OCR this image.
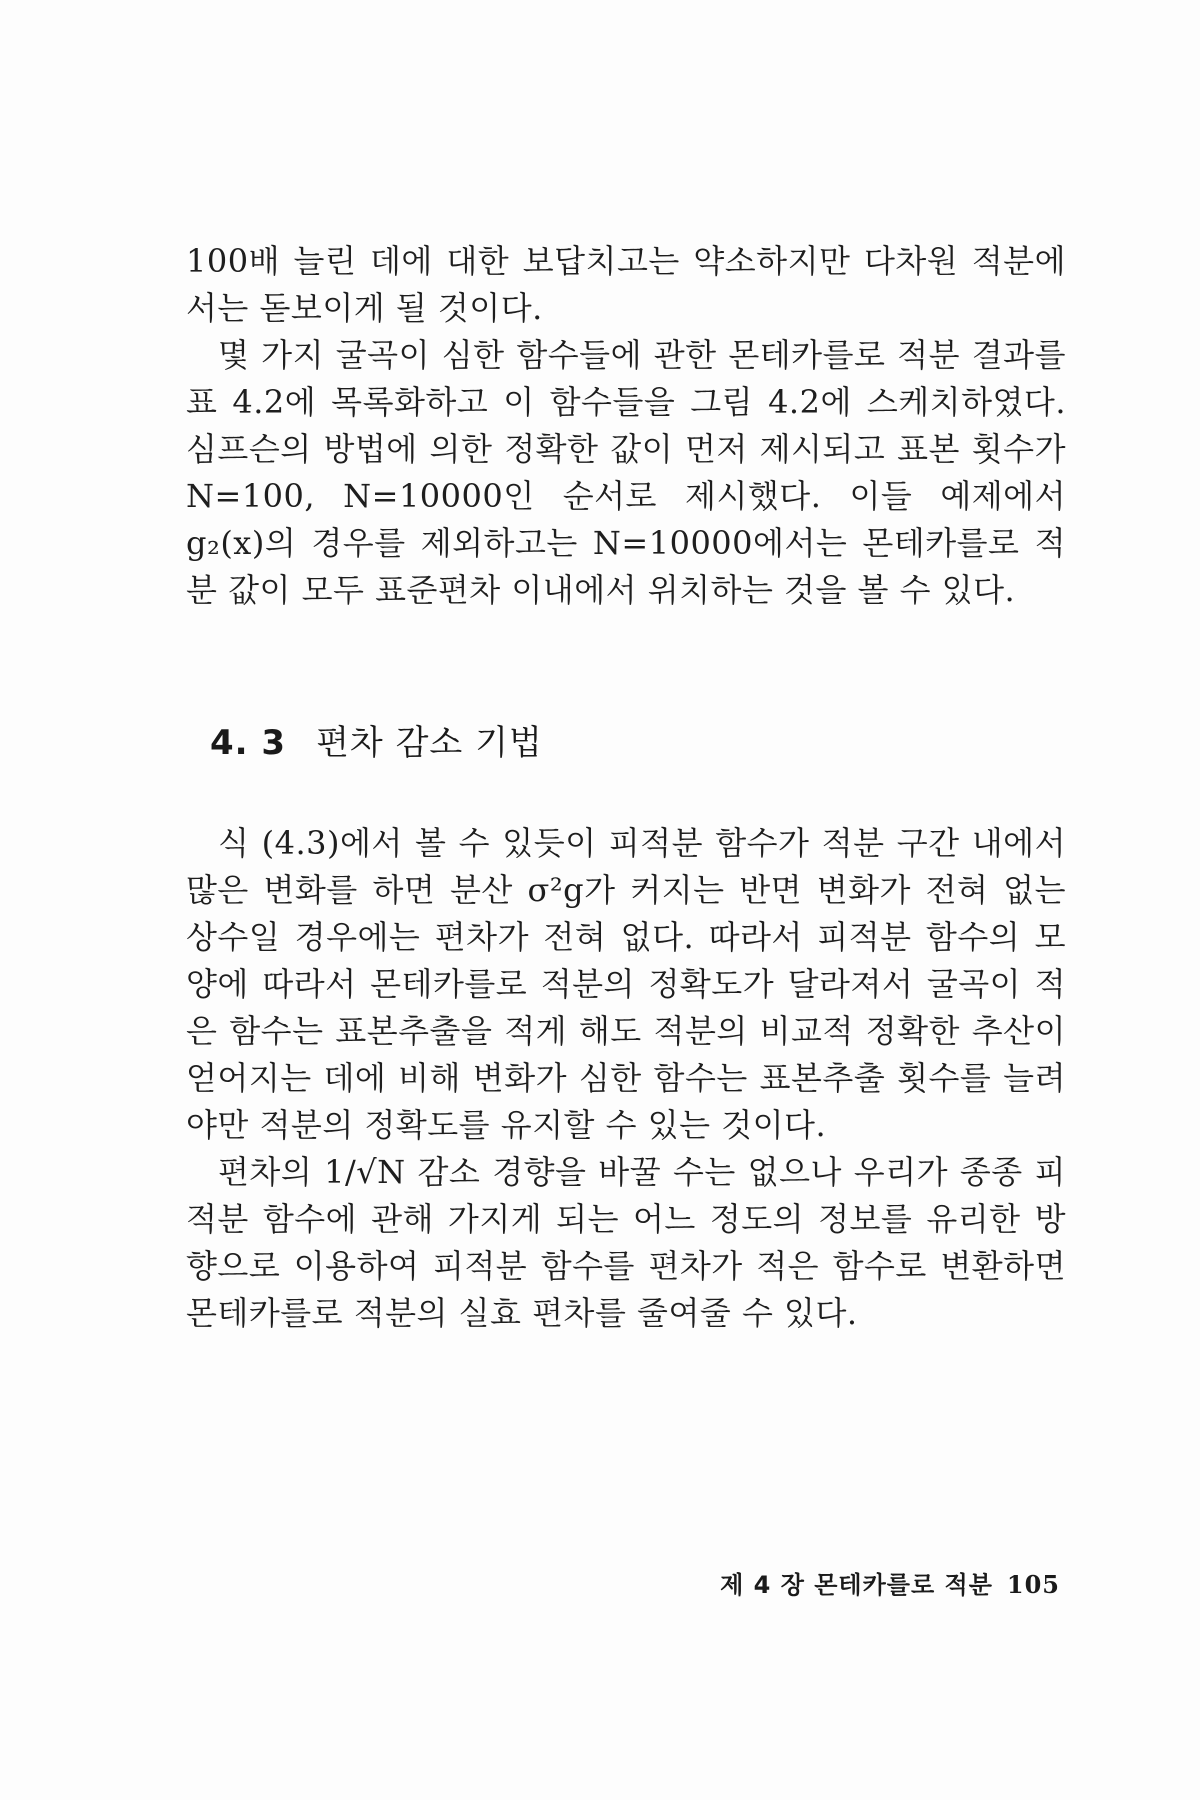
100배 늘린 데에 대한 보답치고는 약소하지만 다차원 적분에서는 돋보이게 될 것이다.

몇 가지 굴곡이 심한 함수들에 관한 몬테카를로 적분 결과를 표 4.2에 목록화하고 이 함수들을 그림 4.2에 스케치하였다. 심프슨의 방법에 의한 정확한 값이 먼저 제시되고 표본 횟수가 N=100, N=10000인 순서로 제시했다. 이들 예제에서 g₂(x)의 경우를 제외하고는 N=10000에서는 몬테카를로 적분 값이 모두 표준편차 이내에서 위치하는 것을 볼 수 있다.

4. 3 편차 감소 기법

식 (4.3)에서 볼 수 있듯이 피적분 함수가 적분 구간 내에서 많은 변화를 하면 분산 σ²g가 커지는 반면 변화가 전혀 없는 상수일 경우에는 편차가 전혀 없다. 따라서 피적분 함수의 모양에 따라서 몬테카를로 적분의 정확도가 달라져서 굴곡이 적은 함수는 표본추출을 적게 해도 적분의 비교적 정확한 추산이 얻어지는 데에 비해 변화가 심한 함수는 표본추출 횟수를 늘려야만 적분의 정확도를 유지할 수 있는 것이다.

편차의 1/√N 감소 경향을 바꿀 수는 없으나 우리가 종종 피적분 함수에 관해 가지게 되는 어느 정도의 정보를 유리한 방향으로 이용하여 피적분 함수를 편차가 적은 함수로 변환하면 몬테카를로 적분의 실효 편차를 줄여줄 수 있다.

제 4 장 몬테카를로 적분 105
